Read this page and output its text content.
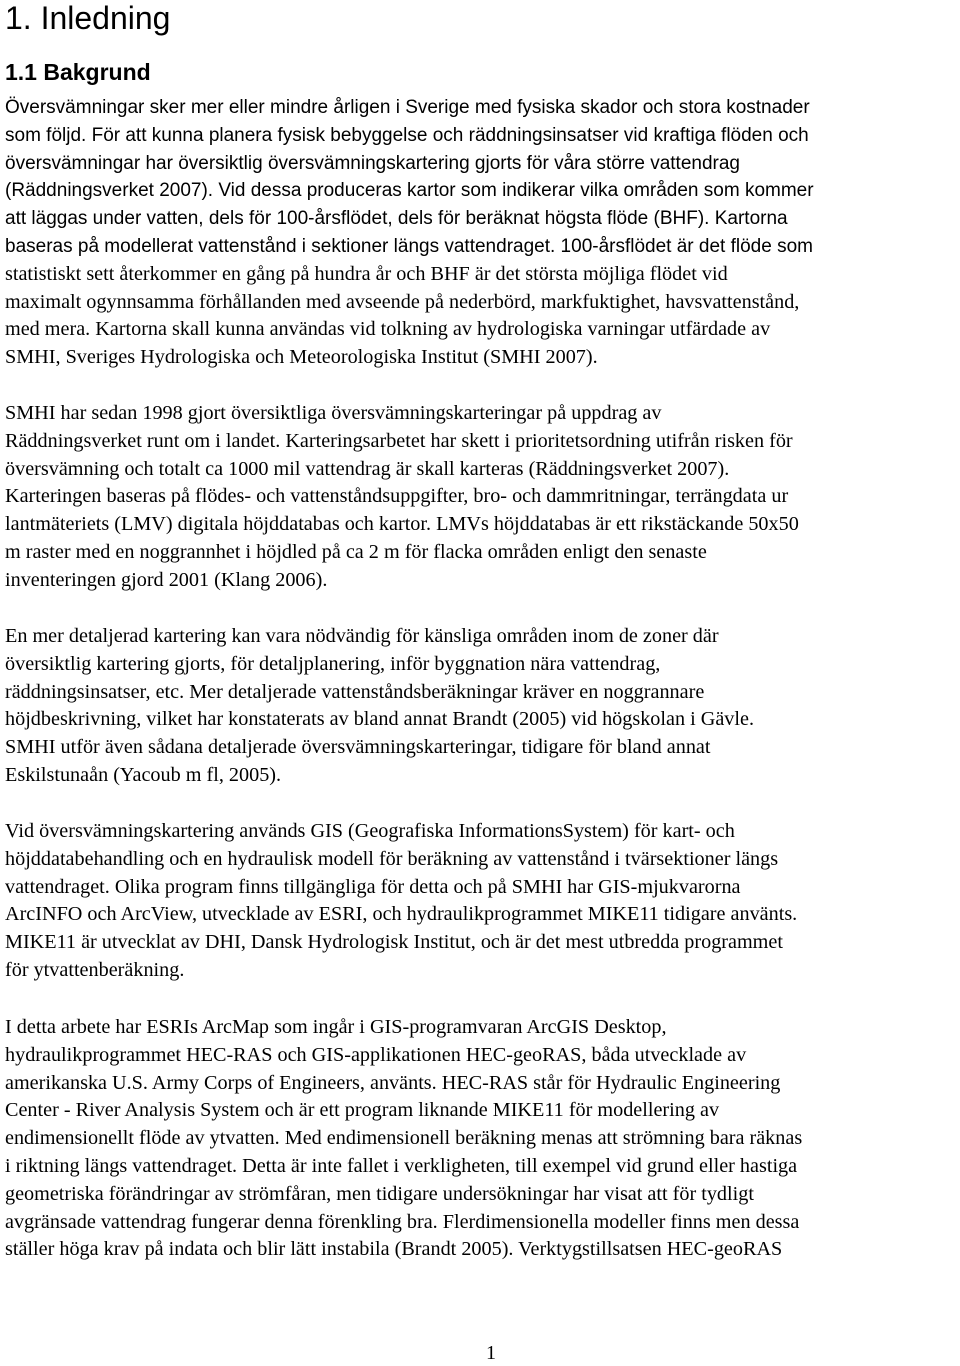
1. Inledning
1.1 Bakgrund
Översvämningar sker mer eller mindre årligen i Sverige med fysiska skador och stora kostnader
som följd. För att kunna planera fysisk bebyggelse och räddningsinsatser vid kraftiga flöden och
översvämningar har översiktlig översvämningskartering gjorts för våra större vattendrag
(Räddningsverket 2007). Vid dessa produceras kartor som indikerar vilka områden som kommer
att läggas under vatten, dels för 100-årsflödet, dels för beräknat högsta flöde (BHF). Kartorna
baseras på modellerat vattenstånd i sektioner längs vattendraget. 100-årsflödet är det flöde som
statistiskt sett återkommer en gång på hundra år och BHF är det största möjliga flödet vid
maximalt ogynnsamma förhållanden med avseende på nederbörd, markfuktighet, havsvattenstånd,
med mera. Kartorna skall kunna användas vid tolkning av hydrologiska varningar utfärdade av
SMHI, Sveriges Hydrologiska och Meteorologiska Institut (SMHI 2007).
SMHI har sedan 1998 gjort översiktliga översvämningskarteringar på uppdrag av
Räddningsverket runt om i landet. Karteringsarbetet har skett i prioritetsordning utifrån risken för
översvämning och totalt ca 1000 mil vattendrag är skall karteras (Räddningsverket 2007).
Karteringen baseras på flödes- och vattenståndsuppgifter, bro- och dammritningar, terrängdata ur
lantmäteriets (LMV) digitala höjddatabas och kartor. LMVs höjddatabas är ett rikstäckande 50x50
m raster med en noggrannhet i höjdled på ca 2 m för flacka områden enligt den senaste
inventeringen gjord 2001 (Klang 2006).
En mer detaljerad kartering kan vara nödvändig för känsliga områden inom de zoner där
översiktlig kartering gjorts, för detaljplanering, inför byggnation nära vattendrag,
räddningsinsatser, etc. Mer detaljerade vattenståndsberäkningar kräver en noggrannare
höjdbeskrivning, vilket har konstaterats av bland annat Brandt (2005) vid högskolan i Gävle.
SMHI utför även sådana detaljerade översvämningskarteringar, tidigare för bland annat
Eskilstunaån (Yacoub m fl, 2005).
Vid översvämningskartering används GIS (Geografiska InformationsSystem) för kart- och
höjddatabehandling och en hydraulisk modell för beräkning av vattenstånd i tvärsektioner längs
vattendraget. Olika program finns tillgängliga för detta och på SMHI har GIS-mjukvarorna
ArcINFO och ArcView, utvecklade av ESRI, och hydraulikprogrammet MIKE11 tidigare använts.
MIKE11 är utvecklat av DHI, Dansk Hydrologisk Institut, och är det mest utbredda programmet
för ytvattenberäkning.
I detta arbete har ESRIs ArcMap som ingår i GIS-programvaran ArcGIS Desktop,
hydraulikprogrammet HEC-RAS och GIS-applikationen HEC-geoRAS, båda utvecklade av
amerikanska U.S. Army Corps of Engineers, använts. HEC-RAS står för Hydraulic Engineering
Center - River Analysis System och är ett program liknande MIKE11 för modellering av
endimensionellt flöde av ytvatten. Med endimensionell beräkning menas att strömning bara räknas
i riktning längs vattendraget. Detta är inte fallet i verkligheten, till exempel vid grund eller hastiga
geometriska förändringar av strömfåran, men tidigare undersökningar har visat att för tydligt
avgränsade vattendrag fungerar denna förenkling bra. Flerdimensionella modeller finns men dessa
ställer höga krav på indata och blir lätt instabila (Brandt 2005). Verktygstillsatsen HEC-geoRAS
1
